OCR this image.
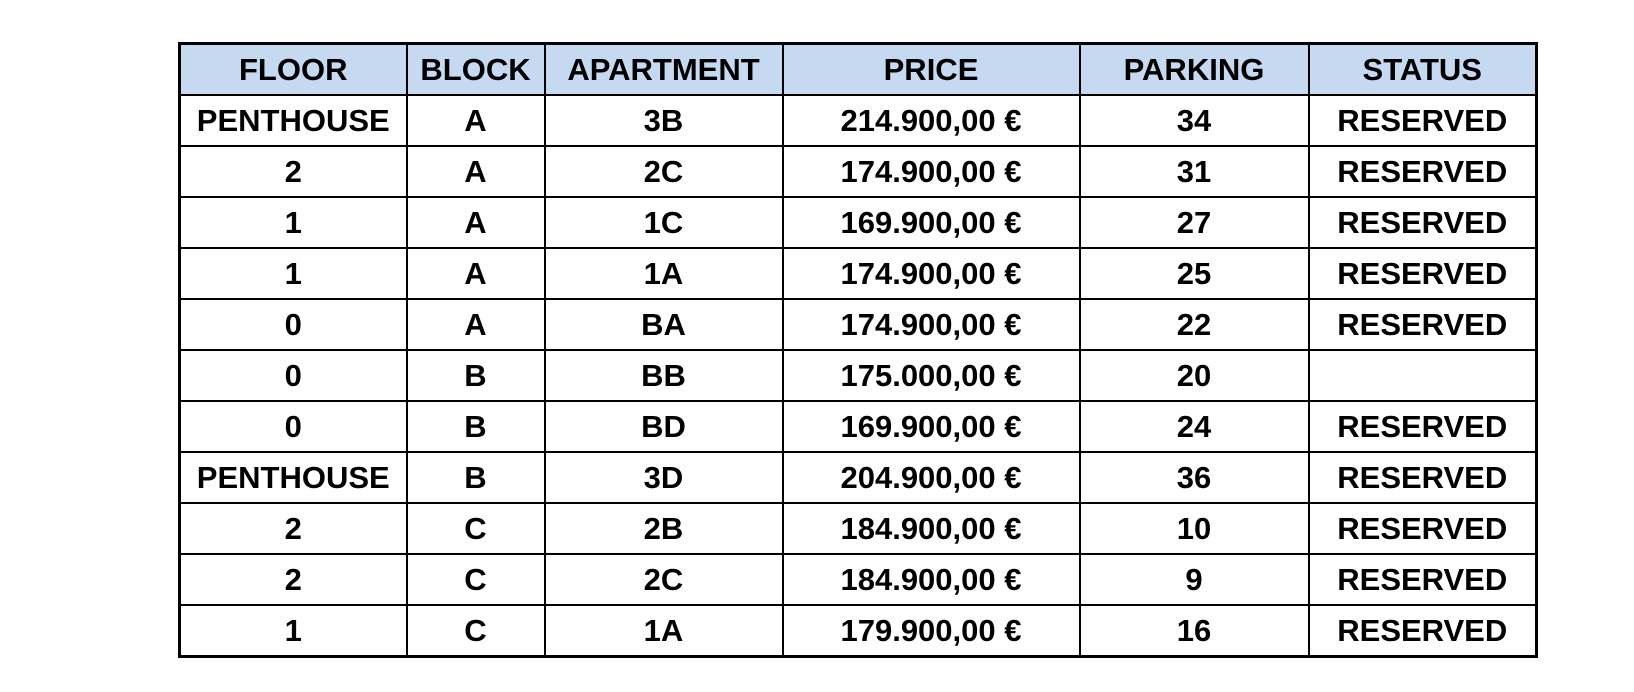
FLOOR	BLOCK	APARTMENT	PRICE	PARKING	STATUS
PENTHOUSE	A	3B	214.900,00 €	34	RESERVED
2	A	2C	174.900,00 €	31	RESERVED
1	A	1C	169.900,00 €	27	RESERVED
1	A	1A	174.900,00 €	25	RESERVED
0	A	BA	174.900,00 €	22	RESERVED
0	B	BB	175.000,00 €	20	
0	B	BD	169.900,00 €	24	RESERVED
PENTHOUSE	B	3D	204.900,00 €	36	RESERVED
2	C	2B	184.900,00 €	10	RESERVED
2	C	2C	184.900,00 €	9	RESERVED
1	C	1A	179.900,00 €	16	RESERVED
